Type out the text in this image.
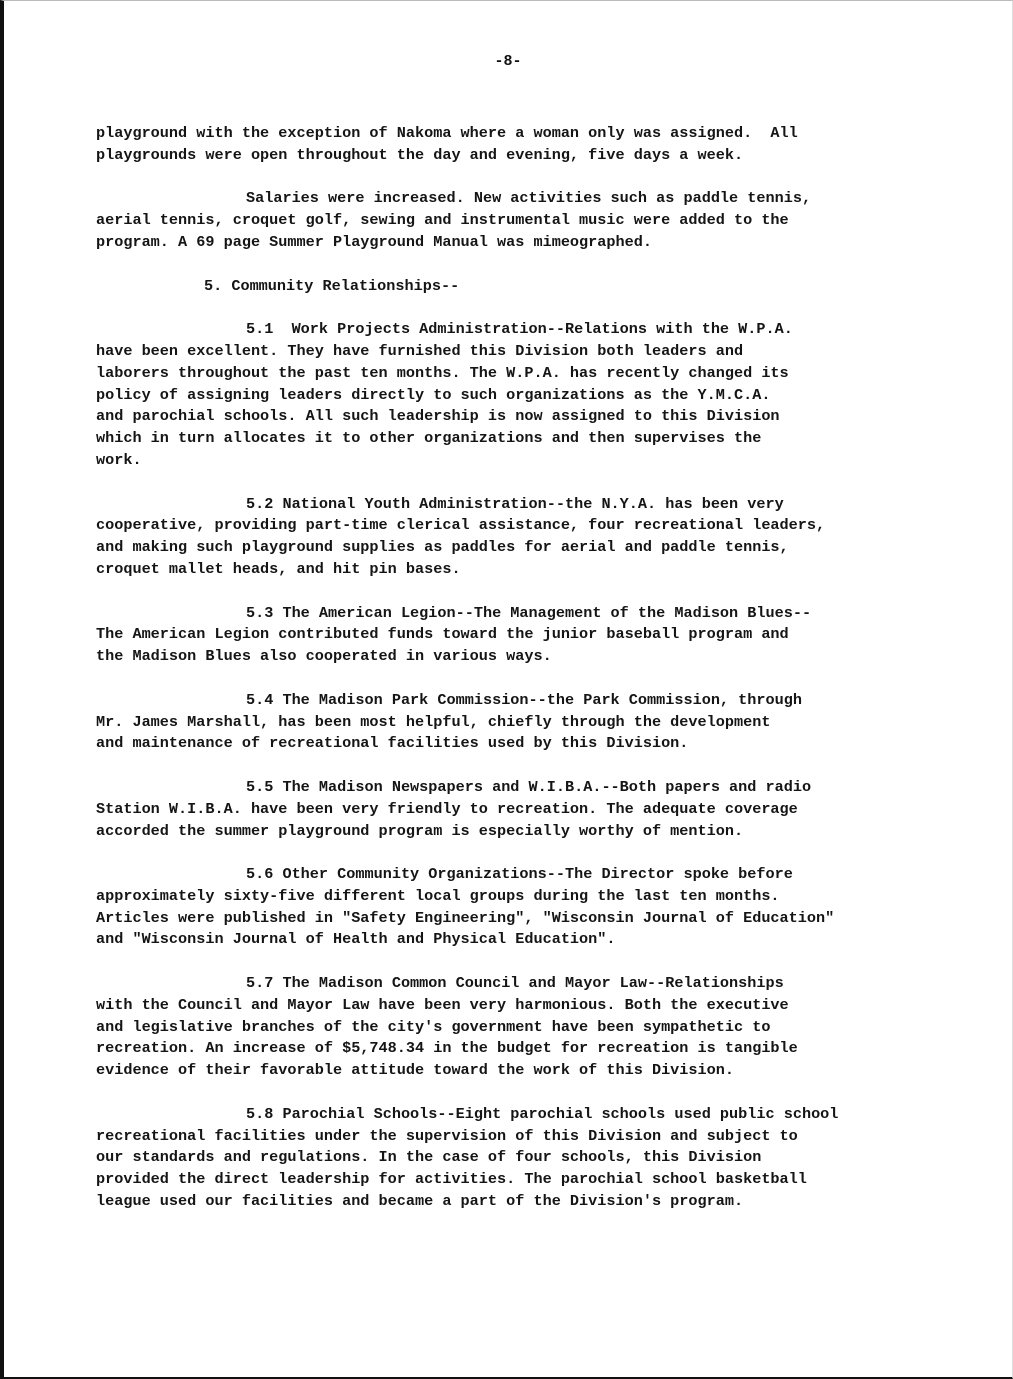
-8-

playground with the exception of Nakoma where a woman only was assigned.  All
playgrounds were open throughout the day and evening, five days a week.

Salaries were increased. New activities such as paddle tennis,
aerial tennis, croquet golf, sewing and instrumental music were added to the
program. A 69 page Summer Playground Manual was mimeographed.

5. Community Relationships--

5.1  Work Projects Administration--Relations with the W.P.A.
have been excellent. They have furnished this Division both leaders and
laborers throughout the past ten months. The W.P.A. has recently changed its
policy of assigning leaders directly to such organizations as the Y.M.C.A.
and parochial schools. All such leadership is now assigned to this Division
which in turn allocates it to other organizations and then supervises the
work.

5.2 National Youth Administration--the N.Y.A. has been very
cooperative, providing part-time clerical assistance, four recreational leaders,
and making such playground supplies as paddles for aerial and paddle tennis,
croquet mallet heads, and hit pin bases.

5.3 The American Legion--The Management of the Madison Blues--
The American Legion contributed funds toward the junior baseball program and
the Madison Blues also cooperated in various ways.

5.4 The Madison Park Commission--the Park Commission, through
Mr. James Marshall, has been most helpful, chiefly through the development
and maintenance of recreational facilities used by this Division.

5.5 The Madison Newspapers and W.I.B.A.--Both papers and radio
Station W.I.B.A. have been very friendly to recreation. The adequate coverage
accorded the summer playground program is especially worthy of mention.

5.6 Other Community Organizations--The Director spoke before
approximately sixty-five different local groups during the last ten months.
Articles were published in "Safety Engineering", "Wisconsin Journal of Education"
and "Wisconsin Journal of Health and Physical Education".

5.7 The Madison Common Council and Mayor Law--Relationships
with the Council and Mayor Law have been very harmonious. Both the executive
and legislative branches of the city's government have been sympathetic to
recreation. An increase of $5,748.34 in the budget for recreation is tangible
evidence of their favorable attitude toward the work of this Division.

5.8 Parochial Schools--Eight parochial schools used public school
recreational facilities under the supervision of this Division and subject to
our standards and regulations. In the case of four schools, this Division
provided the direct leadership for activities. The parochial school basketball
league used our facilities and became a part of the Division's program.
